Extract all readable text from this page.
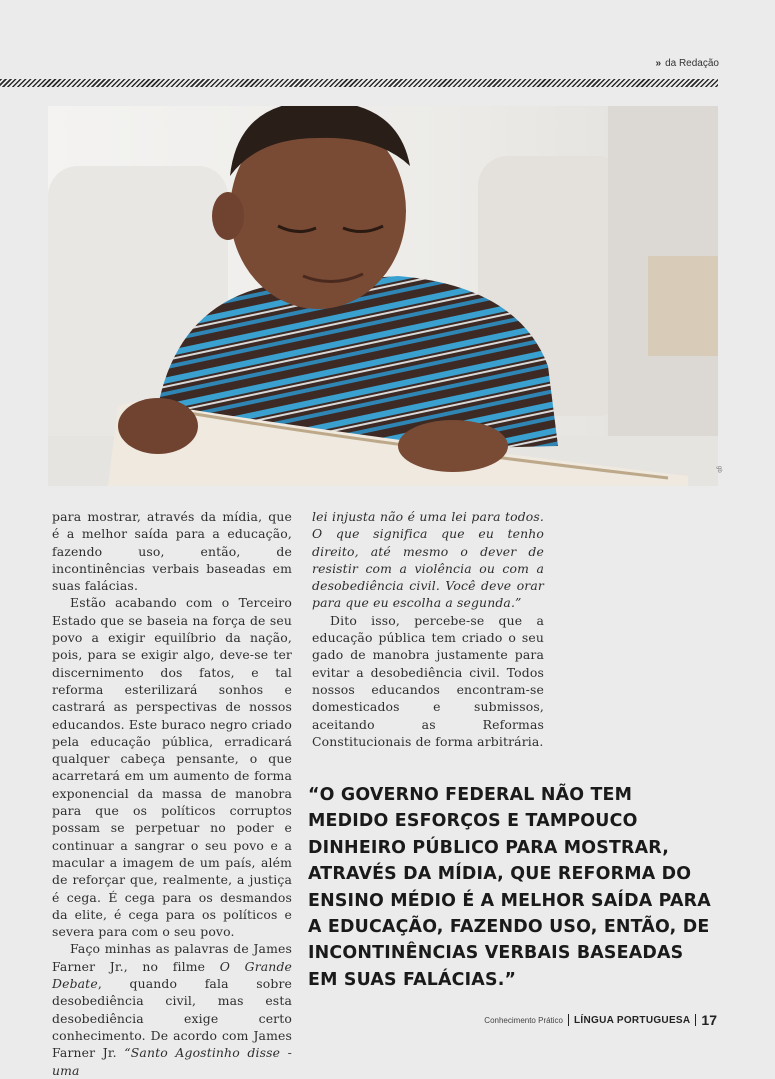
» da Redação
gb

para mostrar, através da mídia, que é a melhor saída para a educação, fazendo uso, então, de incontinências verbais baseadas em suas falácias.

Estão acabando com o Terceiro Estado que se baseia na força de seu povo a exigir equilíbrio da nação, pois, para se exigir algo, deve-se ter discernimento dos fatos, e tal reforma esterilizará sonhos e castrará as perspectivas de nossos educandos. Este buraco negro criado pela educação pública, erradicará qualquer cabeça pensante, o que acarretará em um aumento de forma exponencial da massa de manobra para que os políticos corruptos possam se perpetuar no poder e continuar a sangrar o seu povo e a macular a imagem de um país, além de reforçar que, realmente, a justiça é cega. É cega para os desmandos da elite, é cega para os políticos e severa para com o seu povo.

Faço minhas as palavras de James Farner Jr., no filme O Grande Debate, quando fala sobre desobediência civil, mas esta desobediência exige certo conhecimento. De acordo com James Farner Jr. “Santo Agostinho disse - uma

lei injusta não é uma lei para todos. O que significa que eu tenho direito, até mesmo o dever de resistir com a violência ou com a desobediência civil. Você deve orar para que eu escolha a segunda.”

Dito isso, percebe-se que a educação pública tem criado o seu gado de manobra justamente para evitar a desobediência civil. Todos nossos educandos encontram-se domesticados e submissos, aceitando as Reformas Constitucionais de forma arbitrária.

“O GOVERNO FEDERAL NÃO TEM MEDIDO ESFORÇOS E TAMPOUCO DINHEIRO PÚBLICO PARA MOSTRAR, ATRAVÉS DA MÍDIA, QUE REFORMA DO ENSINO MÉDIO É A MELHOR SAÍDA PARA A EDUCAÇÃO, FAZENDO USO, ENTÃO, DE INCONTINÊNCIAS VERBAIS BASEADAS EM SUAS FALÁCIAS.”
Conhecimento Prático LÍNGUA PORTUGUESA 17
